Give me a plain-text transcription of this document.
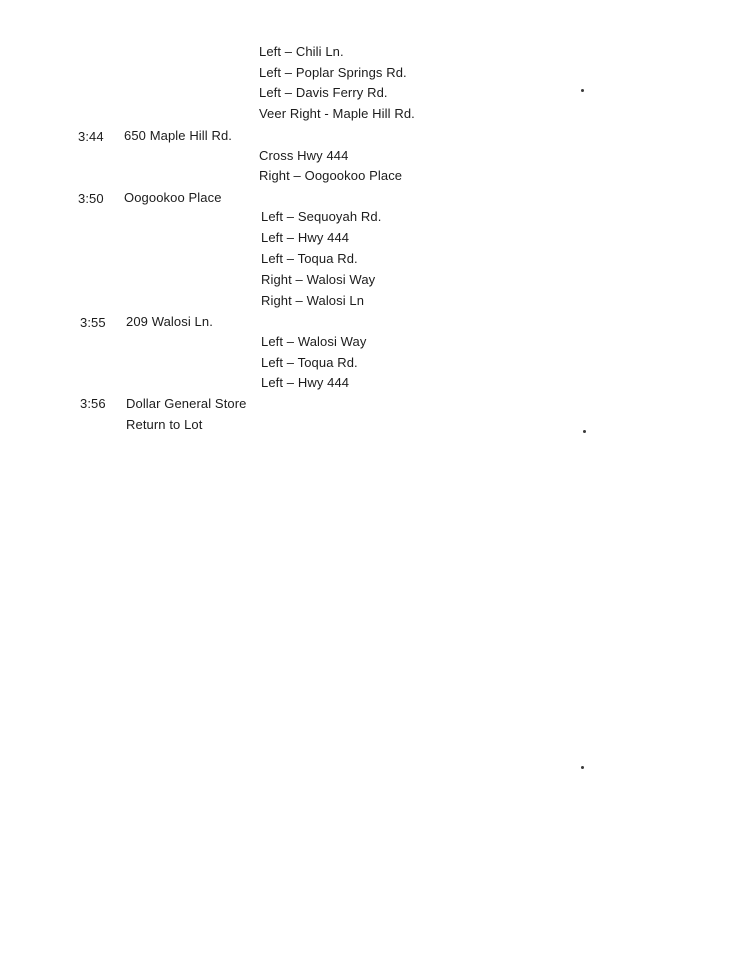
Left – Chili Ln.
Left – Poplar Springs Rd.
Left – Davis Ferry Rd.
Veer Right - Maple Hill Rd.
3:44 650 Maple Hill Rd.
Cross Hwy 444
Right – Oogookoo Place
3:50 Oogookoo Place
Left – Sequoyah Rd.
Left – Hwy 444
Left – Toqua Rd.
Right – Walosi Way
Right – Walosi Ln
3:55 209 Walosi Ln.
Left – Walosi Way
Left – Toqua Rd.
Left – Hwy 444
3:56 Dollar General Store
Return to Lot
